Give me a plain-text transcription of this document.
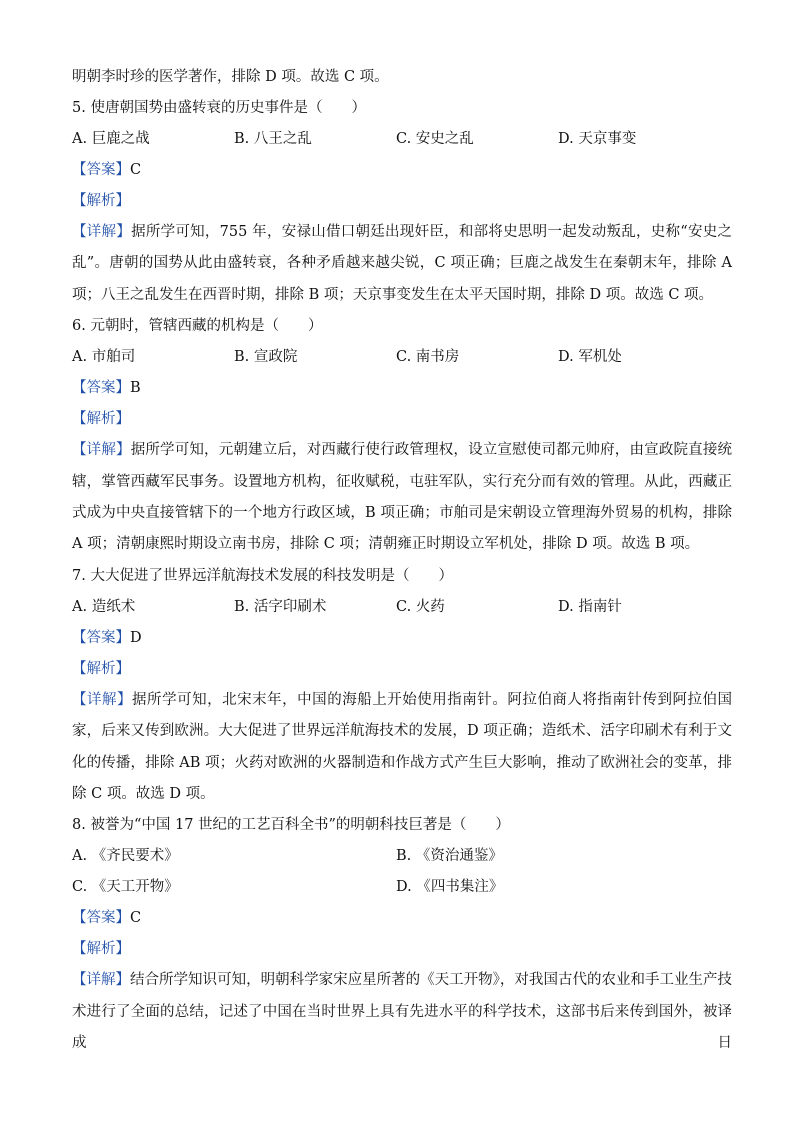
明朝李时珍的医学著作，排除 D 项。故选 C 项。
5. 使唐朝国势由盛转衰的历史事件是（　　）
A. 巨鹿之战	B. 八王之乱	C. 安史之乱	D. 天京事变
【答案】C
【解析】
【详解】据所学可知，755 年，安禄山借口朝廷出现奸臣，和部将史思明一起发动叛乱，史称“安史之乱”。唐朝的国势从此由盛转衰，各种矛盾越来越尖锐，C 项正确；巨鹿之战发生在秦朝末年，排除 A 项；八王之乱发生在西晋时期，排除 B 项；天京事变发生在太平天国时期，排除 D 项。故选 C 项。
6. 元朝时，管辖西藏的机构是（　　）
A. 市舶司	B. 宣政院	C. 南书房	D. 军机处
【答案】B
【解析】
【详解】据所学可知，元朝建立后，对西藏行使行政管理权，设立宣慰使司都元帅府，由宣政院直接统辖，掌管西藏军民事务。设置地方机构，征收赋税，屯驻军队，实行充分而有效的管理。从此，西藏正式成为中央直接管辖下的一个地方行政区域，B 项正确；市舶司是宋朝设立管理海外贸易的机构，排除 A 项；清朝康熙时期设立南书房，排除 C 项；清朝雍正时期设立军机处，排除 D 项。故选 B 项。
7. 大大促进了世界远洋航海技术发展的科技发明是（　　）
A. 造纸术	B. 活字印刷术	C. 火药	D. 指南针
【答案】D
【解析】
【详解】据所学可知，北宋末年，中国的海船上开始使用指南针。阿拉伯商人将指南针传到阿拉伯国家，后来又传到欧洲。大大促进了世界远洋航海技术的发展，D 项正确；造纸术、活字印刷术有利于文化的传播，排除 AB 项；火药对欧洲的火器制造和作战方式产生巨大影响，推动了欧洲社会的变革，排除 C 项。故选 D 项。
8. 被誉为“中国 17 世纪的工艺百科全书”的明朝科技巨著是（　　）
A. 《齐民要术》	B. 《资治通鉴》
C. 《天工开物》	D. 《四书集注》
【答案】C
【解析】
【详解】结合所学知识可知，明朝科学家宋应星所著的《天工开物》，对我国古代的农业和手工业生产技术进行了全面的总结，记述了中国在当时世界上具有先进水平的科学技术，这部书后来传到国外，被译成日
